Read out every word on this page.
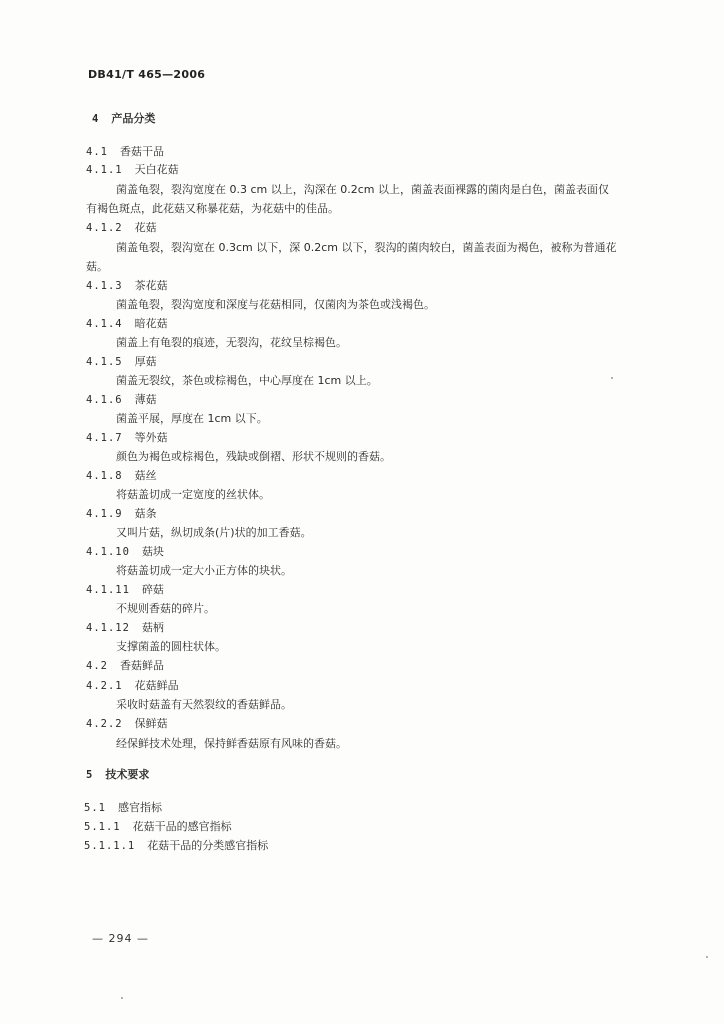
DB41/T 465—2006
4 产品分类
4.1 香菇干品
4.1.1 天白花菇
菌盖龟裂，裂沟宽度在 0.3 cm 以上，沟深在 0.2cm 以上，菌盖表面裸露的菌肉是白色，菌盖表面仅
有褐色斑点，此花菇又称暴花菇，为花菇中的佳品。
4.1.2 花菇
菌盖龟裂，裂沟宽在 0.3cm 以下，深 0.2cm 以下，裂沟的菌肉较白，菌盖表面为褐色，被称为普通花
菇。
4.1.3 茶花菇
菌盖龟裂，裂沟宽度和深度与花菇相同，仅菌肉为茶色或浅褐色。
4.1.4 暗花菇
菌盖上有龟裂的痕迹，无裂沟，花纹呈棕褐色。
4.1.5 厚菇
菌盖无裂纹，茶色或棕褐色，中心厚度在 1cm 以上。
4.1.6 薄菇
菌盖平展，厚度在 1cm 以下。
4.1.7 等外菇
颜色为褐色或棕褐色，残缺或倒褶、形状不规则的香菇。
4.1.8 菇丝
将菇盖切成一定宽度的丝状体。
4.1.9 菇条
又叫片菇，纵切成条(片)状的加工香菇。
4.1.10 菇块
将菇盖切成一定大小正方体的块状。
4.1.11 碎菇
不规则香菇的碎片。
4.1.12 菇柄
支撑菌盖的圆柱状体。
4.2 香菇鲜品
4.2.1 花菇鲜品
采收时菇盖有天然裂纹的香菇鲜品。
4.2.2 保鲜菇
经保鲜技术处理，保持鲜香菇原有风味的香菇。
5 技术要求
5.1 感官指标
5.1.1 花菇干品的感官指标
5.1.1.1 花菇干品的分类感官指标
— 294 —
